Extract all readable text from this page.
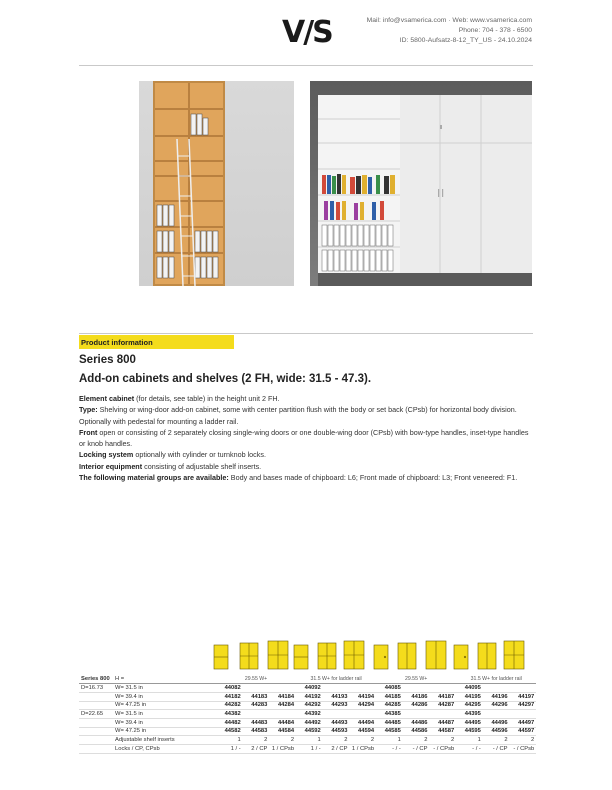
V/S	Mail: info@vsamerica.com · Web: www.vsamerica.com
Phone: 704 - 378 - 6500
ID: 5800-Aufsatz-8-12_TY_US - 24.10.2024
Product information
Series 800
Add-on cabinets and shelves (2 FH, wide: 31.5 - 47.3).
Element cabinet (for details, see table) in the height unit 2 FH.
Type: Shelving or wing-door add-on cabinet, some with center partition flush with the body or set back (CPsb) for horizontal body division. Optionally with pedestal for mounting a ladder rail.
Front open or consisting of 2 separately closing single-wing doors or one double-wing door (CPsb) with bow-type handles, inset-type handles or knob handles.
Locking system optionally with cylinder or turnknob locks.
Interior equipment consisting of adjustable shelf inserts.
The following material groups are available: Body and bases made of chipboard: L6; Front made of chipboard: L3; Front veneered: F1.
Series 800	H =	29.55 W+			31.5 W+ for ladder rail			29.55 W+			31.5 W+ for ladder rail		
D=16.73	W= 31.5 in	44082			44092			44085			44095		
	W= 39.4 in	44182	44183	44184	44192	44193	44194	44185	44186	44187	44195	44196	44197
	W= 47.25 in	44282	44283	44284	44292	44293	44294	44285	44286	44287	44295	44296	44297
D=22.65	W= 31.5 in	44382			44392			44385			44395		
	W= 39.4 in	44482	44483	44484	44492	44493	44494	44485	44486	44487	44495	44496	44497
	W= 47.25 in	44582	44583	44584	44592	44593	44594	44585	44586	44587	44595	44596	44597
	Adjustable shelf inserts	1	2	2	1	2	2	1	2	2	1	2	2
	Locks / CP, CPsb	1 / -	2 / CP	1 / CPsb	1 / -	2 / CP	1 / CPsb	- / -	- / CP	- / CPsb	- / -	- / CP	- / CPsb
